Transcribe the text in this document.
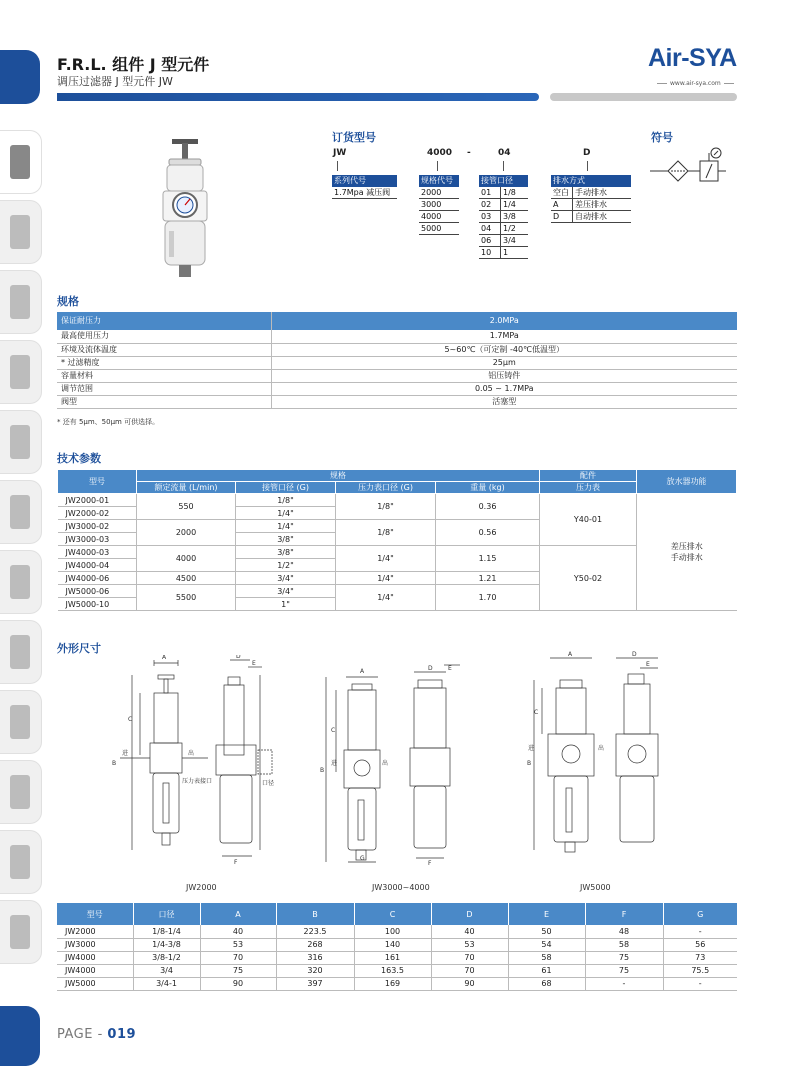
F.R.L. 组件 J 型元件
调压过滤器 J 型元件 JW
Air-SYA
www.air-sya.com
订货型号	符号
JW	4000 -	04	D
系列代号
1.7Mpa 减压阀
规格代号
2000
3000
4000
5000
接管口径
01	1/8
02	1/4
03	3/8
04	1/2
06	3/4
10	1
排水方式
空白 手动排水
A	差压排水
D	自动排水
规格
保证耐压力	2.0MPa
最高使用压力	1.7MPa
环境及流体温度	5~60℃（可定制 -40℃低温型）
* 过滤精度	25μm
容量材料	铝压铸件
调节范围	0.05 ~ 1.7MPa
阀型	活塞型
* 还有 5μm、50μm 可供选择。
技术参数
型号	规格				配件	放水器功能
	额定流量 (L/min)	接管口径 (G)	压力表口径 (G)	重量 (kg)	压力表	
JW2000-01	550	1/8"	1/8"	0.36	Y40-01	差压排水
手动排水
JW2000-02		1/4"				
JW3000-02	2000	1/4"	1/8"	0.56		
JW3000-03		3/8"				
JW4000-03	4000	3/8"	1/4"	1.15	Y50-02	
JW4000-04		1/2"				
JW4000-06	4500	3/4"	1/4"	1.21		
JW5000-06	5500	3/4"	1/4"	1.70		
JW5000-10		1"				
外形尺寸
A
B
C
D
E
F
进	出
压力表接口	口径
JW2000
A
B
C
D	E
F
G
进	出
JW3000~4000
A
B
C
D
E
进	出
JW5000
型号	口径	A	B	C	D	E	F	G
JW2000	1/8-1/4	40	223.5	100	40	50	48	-
JW3000	1/4-3/8	53	268	140	53	54	58	56
JW4000	3/8-1/2	70	316	161	70	58	75	73
JW4000	3/4	75	320	163.5	70	61	75	75.5
JW5000	3/4-1	90	397	169	90	68	-	-
PAGE - 019
